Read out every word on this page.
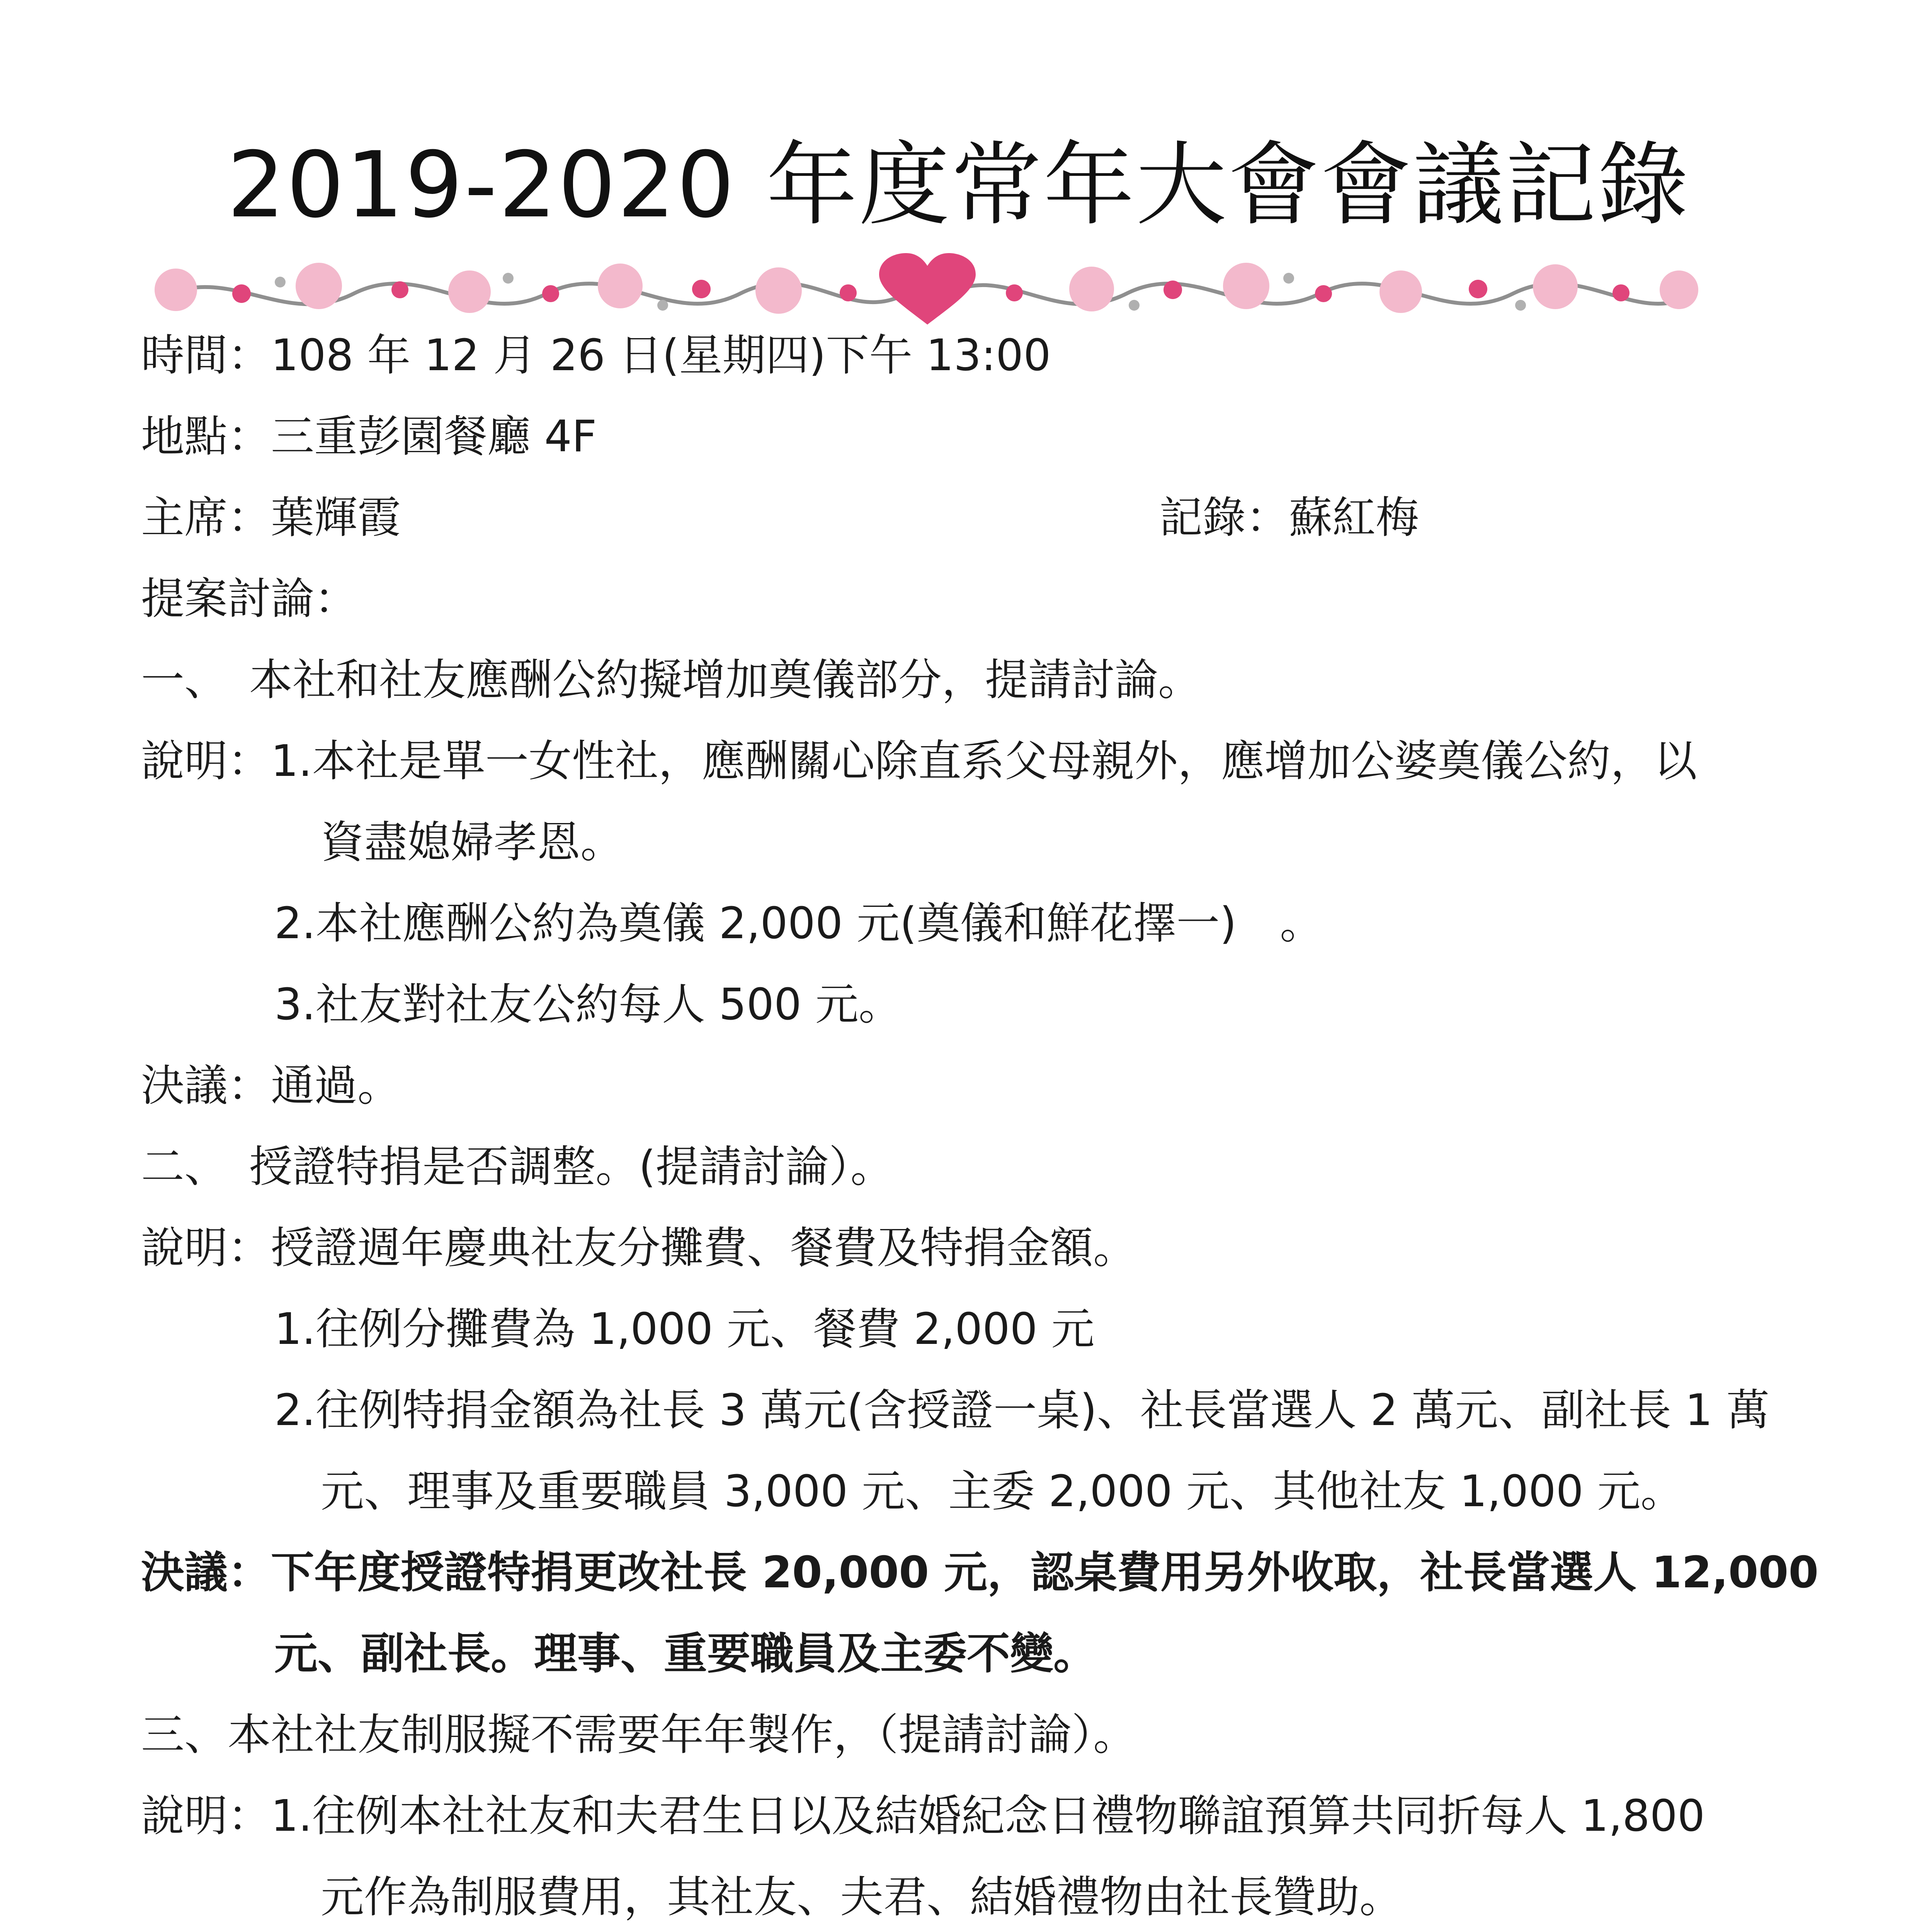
2019-2020 年度常年大會會議記錄
時間：108 年 12 月 26 日(星期四)下午 13:00
地點：三重彭園餐廳 4F
主席：葉輝霞	記錄：蘇紅梅
提案討論：
一、　本社和社友應酬公約擬增加奠儀部分，提請討論。
說明：1.本社是單一女性社，應酬關心除直系父母親外，應增加公婆奠儀公約，以
資盡媳婦孝恩。
2.本社應酬公約為奠儀 2,000 元(奠儀和鮮花擇一)　。
3.社友對社友公約每人 500 元。
決議：通過。
二、　授證特捐是否調整。(提請討論）。
說明：授證週年慶典社友分攤費、餐費及特捐金額。
1.往例分攤費為 1,000 元、餐費 2,000 元
2.往例特捐金額為社長 3 萬元(含授證一桌)、社長當選人 2 萬元、副社長 1 萬
元、理事及重要職員 3,000 元、主委 2,000 元、其他社友 1,000 元。
決議：下年度授證特捐更改社長 20,000 元，認桌費用另外收取，社長當選人 12,000
元、副社長。理事、重要職員及主委不變。
三、本社社友制服擬不需要年年製作，（提請討論）。
說明：1.往例本社社友和夫君生日以及結婚紀念日禮物聯誼預算共同折每人 1,800
元作為制服費用，其社友、夫君、結婚禮物由社長贊助。
